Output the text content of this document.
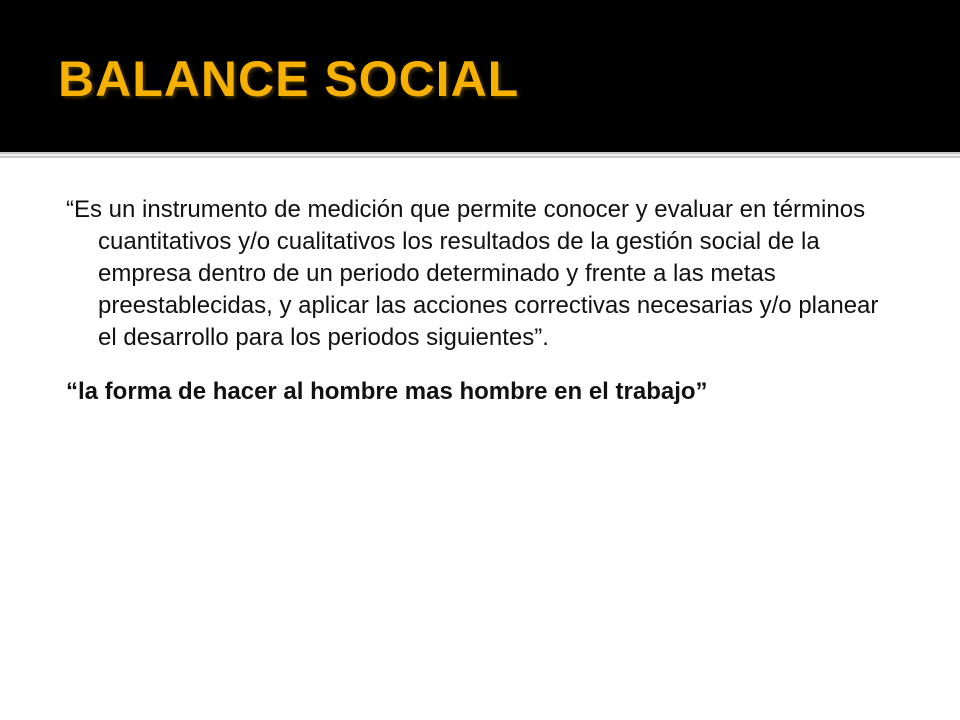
BALANCE SOCIAL

“Es un instrumento de medición que permite conocer y evaluar en términos cuantitativos y/o cualitativos los resultados de la gestión social de la empresa dentro de un periodo determinado y frente a las metas preestablecidas, y aplicar las acciones correctivas necesarias y/o planear el desarrollo para los periodos siguientes”.

“la forma de hacer al hombre mas hombre en el trabajo”
